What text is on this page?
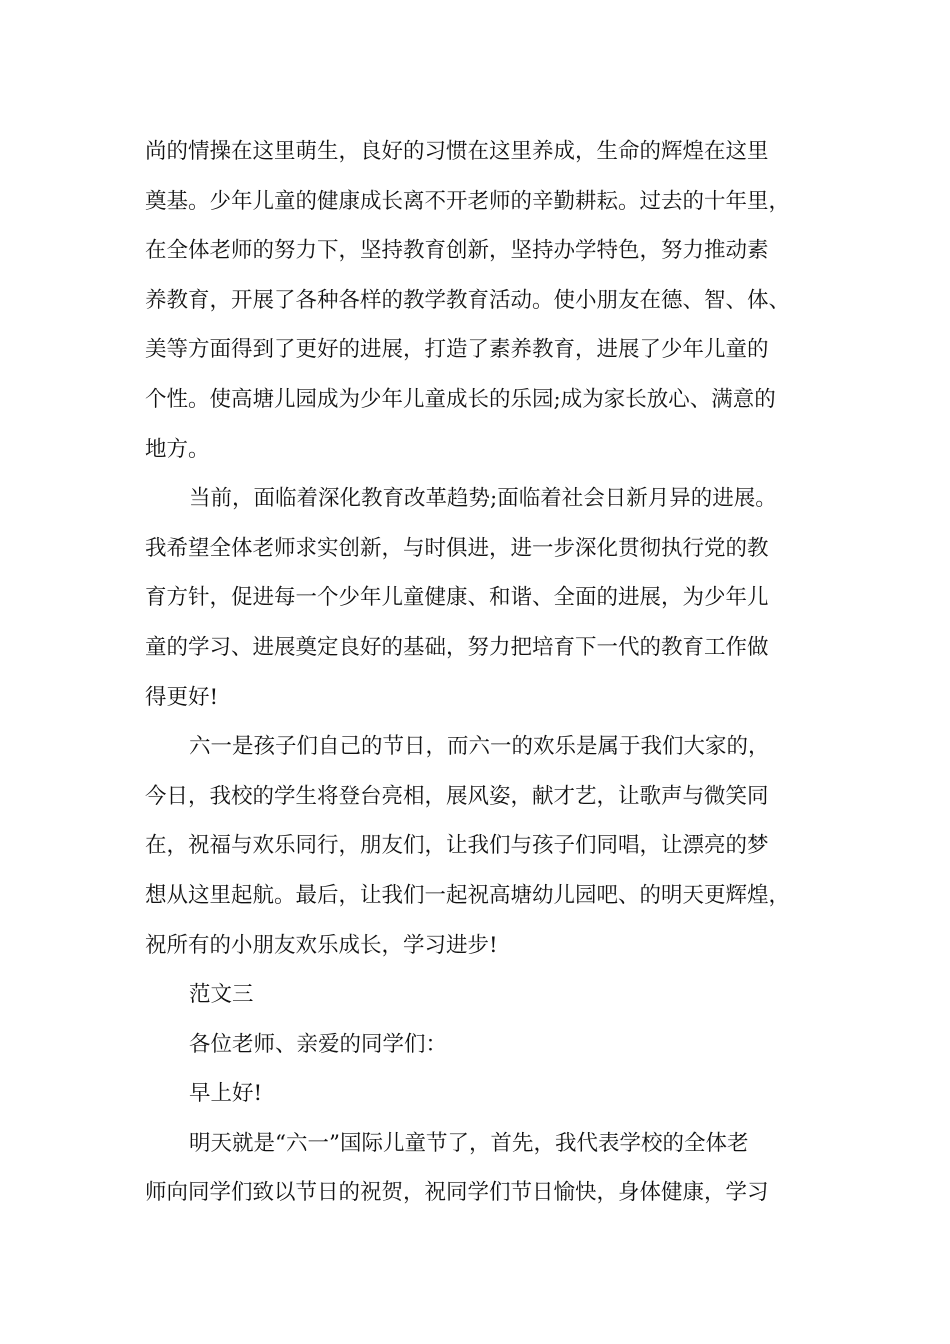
尚的情操在这里萌生，良好的习惯在这里养成，生命的辉煌在这里
奠基。少年儿童的健康成长离不开老师的辛勤耕耘。过去的十年里，
在全体老师的努力下，坚持教育创新，坚持办学特色，努力推动素
养教育，开展了各种各样的教学教育活动。使小朋友在德、智、体、
美等方面得到了更好的进展，打造了素养教育，进展了少年儿童的
个性。使高塘儿园成为少年儿童成长的乐园;成为家长放心、满意的
地方。
当前，面临着深化教育改革趋势;面临着社会日新月异的进展。
我希望全体老师求实创新，与时俱进，进一步深化贯彻执行党的教
育方针，促进每一个少年儿童健康、和谐、全面的进展，为少年儿
童的学习、进展奠定良好的基础，努力把培育下一代的教育工作做
得更好!
六一是孩子们自己的节日，而六一的欢乐是属于我们大家的，
今日，我校的学生将登台亮相，展风姿，献才艺，让歌声与微笑同
在，祝福与欢乐同行，朋友们，让我们与孩子们同唱，让漂亮的梦
想从这里起航。最后，让我们一起祝高塘幼儿园吧、的明天更辉煌，
祝所有的小朋友欢乐成长，学习进步!
范文三
各位老师、亲爱的同学们：
早上好!
明天就是“六一”国际儿童节了，首先，我代表学校的全体老
师向同学们致以节日的祝贺，祝同学们节日愉快，身体健康，学习
